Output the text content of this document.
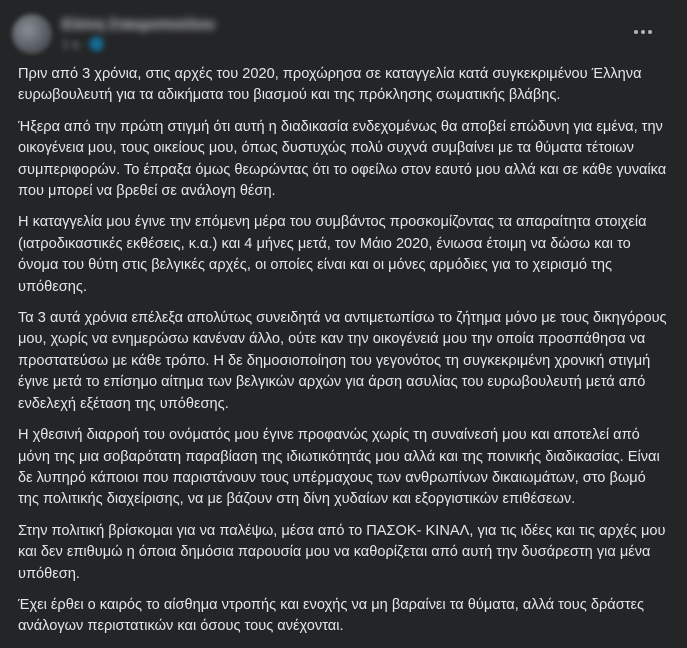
Ελένη Σταυροπούλου
1 η · 🌐

Πριν από 3 χρόνια, στις αρχές του 2020, προχώρησα σε καταγγελία κατά συγκεκριμένου Έλληνα ευρωβουλευτή για τα αδικήματα του βιασμού και της πρόκλησης σωματικής βλάβης.

Ήξερα από την πρώτη στιγμή ότι αυτή η διαδικασία ενδεχομένως θα αποβεί επώδυνη για εμένα, την οικογένεια μου, τους οικείους μου, όπως δυστυχώς πολύ συχνά συμβαίνει με τα θύματα τέτοιων συμπεριφορών. Το έπραξα όμως θεωρώντας ότι το οφείλω στον εαυτό μου αλλά και σε κάθε γυναίκα που μπορεί να βρεθεί σε ανάλογη θέση.

Η καταγγελία μου έγινε την επόμενη μέρα του συμβάντος προσκομίζοντας τα απαραίτητα στοιχεία (ιατροδικαστικές εκθέσεις, κ.α.) και 4 μήνες μετά, τον Μάιο 2020, ένιωσα έτοιμη να δώσω και το όνομα του θύτη στις βελγικές αρχές, οι οποίες είναι και οι μόνες αρμόδιες για το χειρισμό της υπόθεσης.

Τα 3 αυτά χρόνια επέλεξα απολύτως συνειδητά να αντιμετωπίσω το ζήτημα μόνο με τους δικηγόρους μου, χωρίς να ενημερώσω κανέναν άλλο, ούτε καν την οικογένειά μου την οποία προσπάθησα να προστατεύσω με κάθε τρόπο. Η δε δημοσιοποίηση του γεγονότος τη συγκεκριμένη χρονική στιγμή έγινε μετά το επίσημο αίτημα των βελγικών αρχών για άρση ασυλίας του ευρωβουλευτή μετά από ενδελεχή εξέταση της υπόθεσης.

Η χθεσινή διαρροή του ονόματός μου έγινε προφανώς χωρίς τη συναίνεσή μου και αποτελεί από μόνη της μια σοβαρότατη παραβίαση της ιδιωτικότητάς μου αλλά και της ποινικής διαδικασίας. Είναι δε λυπηρό κάποιοι που παριστάνουν τους υπέρμαχους των ανθρωπίνων δικαιωμάτων, στο βωμό της πολιτικής διαχείρισης, να με βάζουν στη δίνη χυδαίων και εξοργιστικών επιθέσεων.

Στην πολιτική βρίσκομαι για να παλέψω, μέσα από το ΠΑΣΟΚ- ΚΙΝΑΛ, για τις ιδέες και τις αρχές μου και δεν επιθυμώ η όποια δημόσια παρουσία μου να καθορίζεται από αυτή την δυσάρεστη για μένα υπόθεση.

Έχει έρθει ο καιρός το αίσθημα ντροπής και ενοχής να μη βαραίνει τα θύματα, αλλά τους δράστες ανάλογων περιστατικών και όσους τους ανέχονται.
